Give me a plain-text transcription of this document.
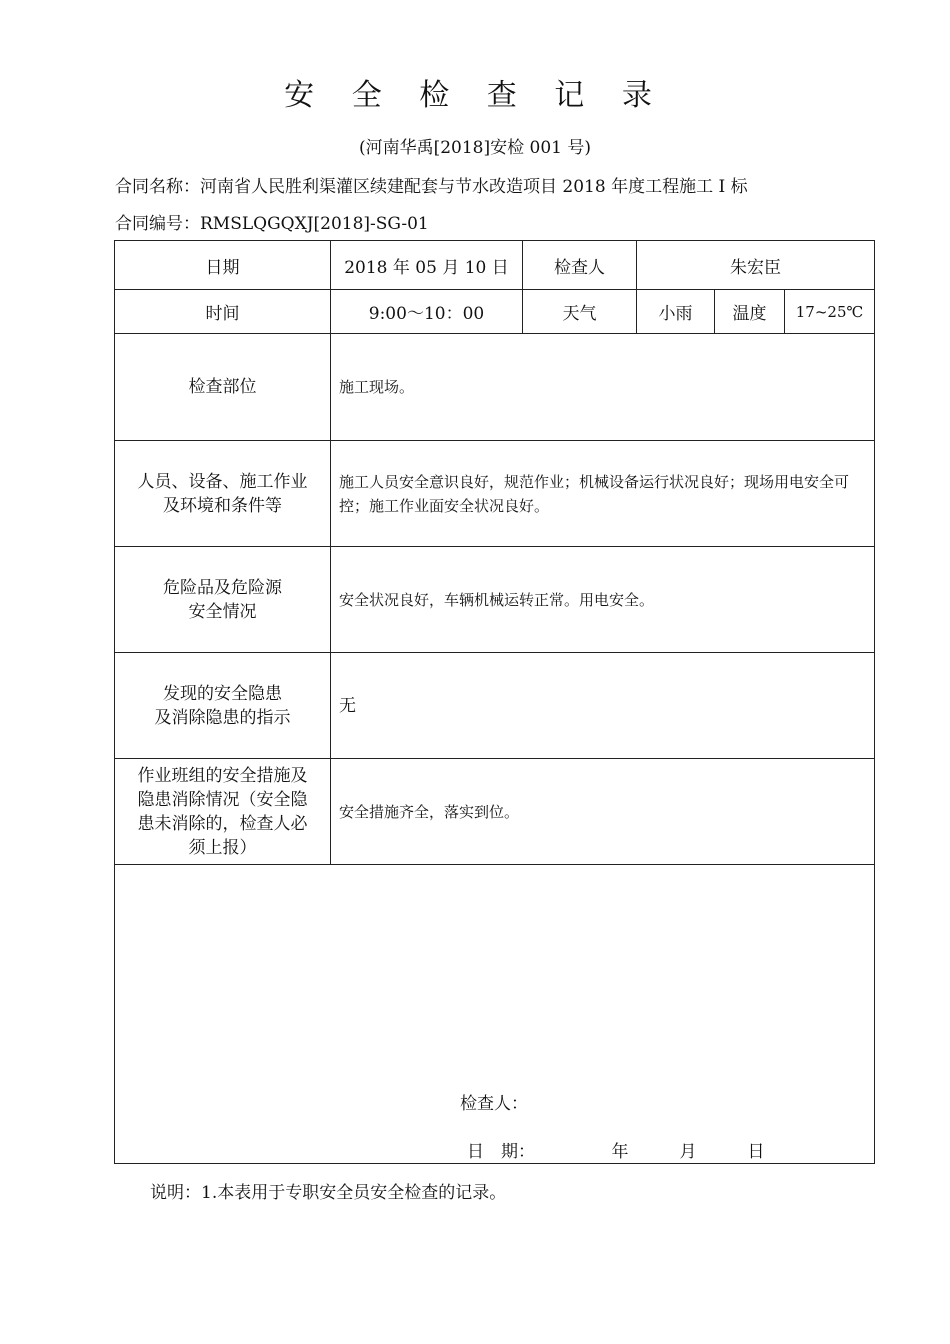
安 全 检 查 记 录
(河南华禹[2018]安检 001 号)
合同名称：河南省人民胜利渠灌区续建配套与节水改造项目 2018 年度工程施工 I 标
合同编号：RMSLQGQXJ[2018]-SG-01
日期	2018 年 05 月 10 日	检查人	朱宏臣		
时间	9:00～10：00	天气	小雨	温度	17~25℃
检查部位	施工现场。				
人员、设备、施工作业
及环境和条件等	施工人员安全意识良好，规范作业；机械设备运行状况良好；现场用电安全可控；施工作业面安全状况良好。				
危险品及危险源
安全情况	安全状况良好，车辆机械运转正常。用电安全。				
发现的安全隐患
及消除隐患的指示	无				
作业班组的安全措施及
隐患消除情况（安全隐
患未消除的，检查人必
须上报）	安全措施齐全，落实到位。				

检查人：
日　期：　　　　　年　　　月　　　日					
说明：1.本表用于专职安全员安全检查的记录。
